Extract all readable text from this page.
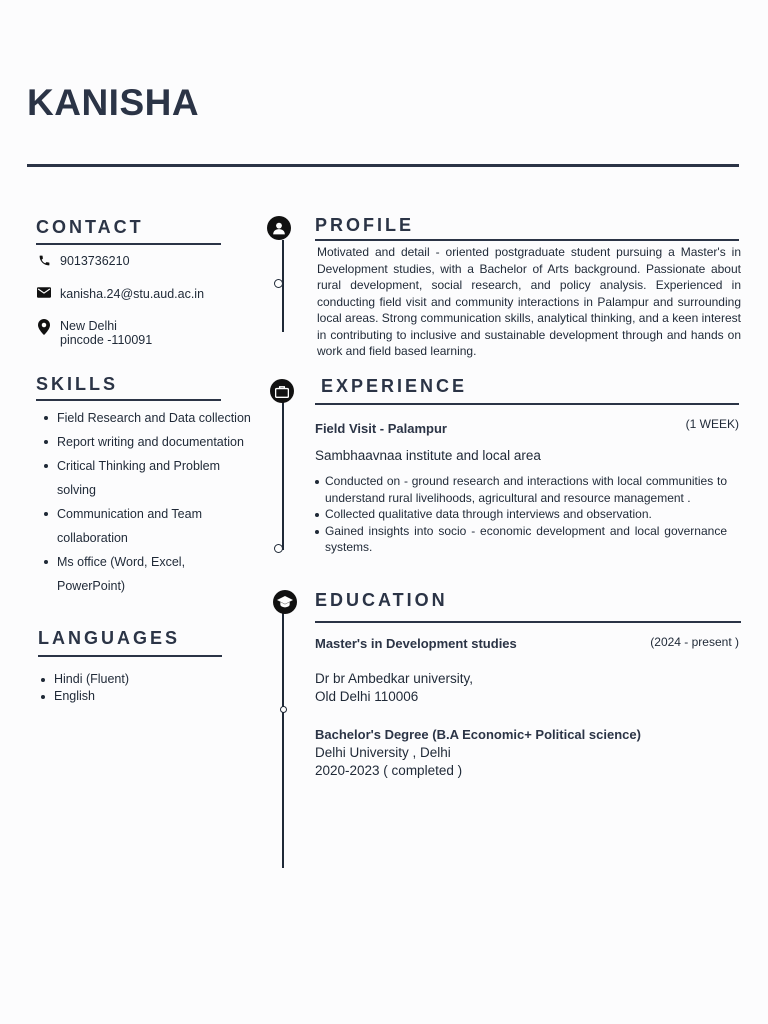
KANISHA
CONTACT
9013736210
kanisha.24@stu.aud.ac.in
New Delhi
pincode -110091
SKILLS
Field Research and Data collection
Report writing and documentation
Critical Thinking and Problem solving
Communication and Team collaboration
Ms office (Word, Excel, PowerPoint)
LANGUAGES
Hindi (Fluent)
English
PROFILE

Motivated and detail - oriented postgraduate student pursuing a Master's in Development studies, with a Bachelor of Arts background. Passionate about rural development, social research, and policy analysis. Experienced in conducting field visit and community interactions in Palampur and surrounding local areas. Strong communication skills, analytical thinking, and a keen interest in contributing to inclusive and sustainable development through and hands on work and field based learning.

EXPERIENCE
Field Visit - Palampur	(1 WEEK)
Sambhaavnaa institute and local area
Conducted on - ground research and interactions with local communities to understand rural livelihoods, agricultural and resource management .
Collected qualitative data through interviews and observation.
Gained insights into socio - economic development and local governance systems.
EDUCATION
Master's in Development studies	(2024 - present )
Dr br Ambedkar university,
Old Delhi 110006
Bachelor's Degree (B.A Economic+ Political science)
Delhi University , Delhi
2020-2023 ( completed )
